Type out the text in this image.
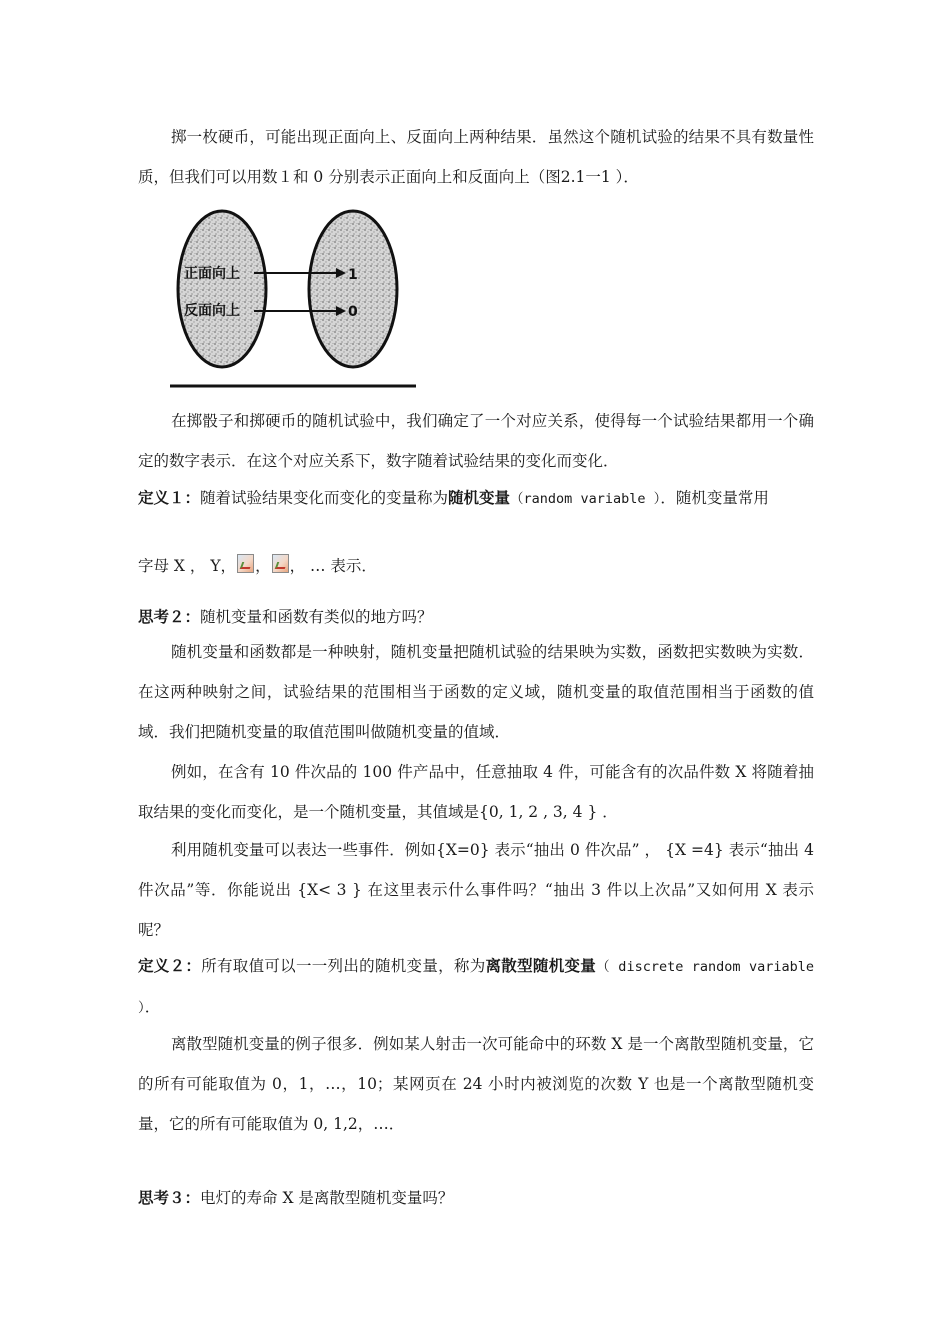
掷一枚硬币，可能出现正面向上、反面向上两种结果．虽然这个随机试验的结果不具有数量性质，但我们可以用数１和 0 分别表示正面向上和反面向上（图2.1一1 ）．

正面向上
反面向上
1
0

在掷骰子和掷硬币的随机试验中，我们确定了一个对应关系，使得每一个试验结果都用一个确定的数字表示．在这个对应关系下，数字随着试验结果的变化而变化．

定义１：随着试验结果变化而变化的变量称为随机变量（random variable ）．随机变量常用

字母 X ， Y， ， ， … 表示．

思考２：随机变量和函数有类似的地方吗？

随机变量和函数都是一种映射，随机变量把随机试验的结果映为实数，函数把实数映为实数．在这两种映射之间，试验结果的范围相当于函数的定义域，随机变量的取值范围相当于函数的值域．我们把随机变量的取值范围叫做随机变量的值域．

例如，在含有 10 件次品的 100 件产品中，任意抽取 4 件，可能含有的次品件数 X 将随着抽取结果的变化而变化，是一个随机变量，其值域是{0, 1, 2 , 3, 4 } ．

利用随机变量可以表达一些事件．例如{X=0} 表示“抽出 0 件次品” ， {X =4} 表示“抽出 4 件次品”等．你能说出 {X< 3 } 在这里表示什么事件吗？“抽出 3 件以上次品”又如何用 X 表示呢？

定义２：所有取值可以一一列出的随机变量，称为离散型随机变量（ discrete random variable ）．

离散型随机变量的例子很多．例如某人射击一次可能命中的环数 X 是一个离散型随机变量，它的所有可能取值为 0，1，…，10；某网页在 24 小时内被浏览的次数 Y 也是一个离散型随机变量，它的所有可能取值为 0, 1,2，…．

思考３：电灯的寿命 X 是离散型随机变量吗？
